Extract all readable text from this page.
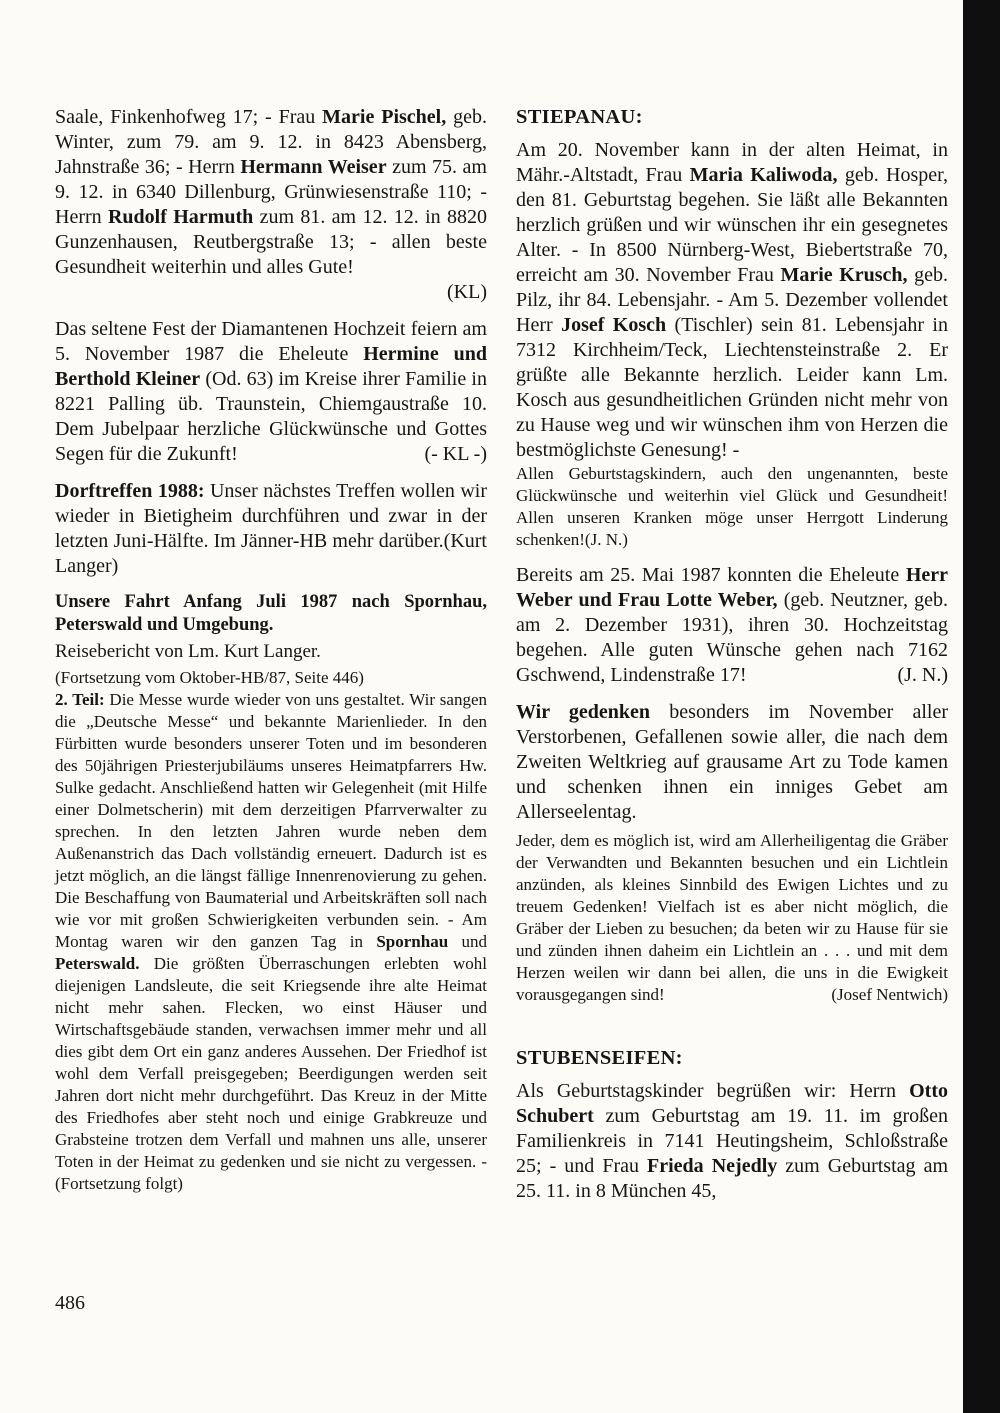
Saale, Finkenhofweg 17; - Frau Marie Pischel, geb. Winter, zum 79. am 9. 12. in 8423 Abensberg, Jahnstraße 36; - Herrn Hermann Weiser zum 75. am 9. 12. in 6340 Dillenburg, Grünwiesenstraße 110; - Herrn Rudolf Harmuth zum 81. am 12. 12. in 8820 Gunzenhausen, Reutbergstraße 13; - allen beste Gesundheit weiterhin und alles Gute!

(KL)

Das seltene Fest der Diamantenen Hochzeit feiern am 5. November 1987 die Eheleute Hermine und Berthold Kleiner (Od. 63) im Kreise ihrer Familie in 8221 Palling üb. Traunstein, Chiemgaustraße 10. Dem Jubelpaar herzliche Glückwünsche und Gottes Segen für die Zukunft!	(- KL -)

Dorftreffen 1988: Unser nächstes Treffen wollen wir wieder in Bietigheim durchführen und zwar in der letzten Juni-Hälfte. Im Jänner-HB mehr darüber.(Kurt Langer)

Unsere Fahrt Anfang Juli 1987 nach Spornhau, Peterswald und Umgebung.

Reisebericht von Lm. Kurt Langer.

(Fortsetzung vom Oktober-HB/87, Seite 446)

2. Teil: Die Messe wurde wieder von uns gestaltet. Wir sangen die „Deutsche Messe“ und bekannte Marienlieder. In den Fürbitten wurde besonders unserer Toten und im besonderen des 50jährigen Priesterjubiläums unseres Heimatpfarrers Hw. Sulke gedacht. Anschließend hatten wir Gelegenheit (mit Hilfe einer Dolmetscherin) mit dem derzeitigen Pfarrverwalter zu sprechen. In den letzten Jahren wurde neben dem Außenanstrich das Dach vollständig erneuert. Dadurch ist es jetzt möglich, an die längst fällige Innenrenovierung zu gehen. Die Beschaffung von Baumaterial und Arbeitskräften soll nach wie vor mit großen Schwierigkeiten verbunden sein. - Am Montag waren wir den ganzen Tag in Spornhau und Peterswald. Die größten Überraschungen erlebten wohl diejenigen Landsleute, die seit Kriegsende ihre alte Heimat nicht mehr sahen. Flecken, wo einst Häuser und Wirtschaftsgebäude standen, verwachsen immer mehr und all dies gibt dem Ort ein ganz anderes Aussehen. Der Friedhof ist wohl dem Verfall preisgegeben; Beerdigungen werden seit Jahren dort nicht mehr durchgeführt. Das Kreuz in der Mitte des Friedhofes aber steht noch und einige Grabkreuze und Grabsteine trotzen dem Verfall und mahnen uns alle, unserer Toten in der Heimat zu gedenken und sie nicht zu vergessen. - (Fortsetzung folgt)

STIEPANAU:

Am 20. November kann in der alten Heimat, in Mähr.-Altstadt, Frau Maria Kaliwoda, geb. Hosper, den 81. Geburtstag begehen. Sie läßt alle Bekannten herzlich grüßen und wir wünschen ihr ein gesegnetes Alter. - In 8500 Nürnberg-West, Biebertstraße 70, erreicht am 30. November Frau Marie Krusch, geb. Pilz, ihr 84. Lebensjahr. - Am 5. Dezember vollendet Herr Josef Kosch (Tischler) sein 81. Lebensjahr in 7312 Kirchheim/Teck, Liechtensteinstraße 2. Er grüßte alle Bekannte herzlich. Leider kann Lm. Kosch aus gesundheitlichen Gründen nicht mehr von zu Hause weg und wir wünschen ihm von Herzen die bestmöglichste Genesung! -

Allen Geburtstagskindern, auch den ungenannten, beste Glückwünsche und weiterhin viel Glück und Gesundheit! Allen unseren Kranken möge unser Herrgott Linderung schenken!(J. N.)

Bereits am 25. Mai 1987 konnten die Eheleute Herr Weber und Frau Lotte Weber, (geb. Neutzner, geb. am 2. Dezember 1931), ihren 30. Hochzeitstag begehen. Alle guten Wünsche gehen nach 7162 Gschwend, Lindenstraße 17!	(J. N.)

Wir gedenken besonders im November aller Verstorbenen, Gefallenen sowie aller, die nach dem Zweiten Weltkrieg auf grausame Art zu Tode kamen und schenken ihnen ein inniges Gebet am Allerseelentag.

Jeder, dem es möglich ist, wird am Allerheiligentag die Gräber der Verwandten und Bekannten besuchen und ein Lichtlein anzünden, als kleines Sinnbild des Ewigen Lichtes und zu treuem Gedenken! Vielfach ist es aber nicht möglich, die Gräber der Lieben zu besuchen; da beten wir zu Hause für sie und zünden ihnen daheim ein Lichtlein an . . . und mit dem Herzen weilen wir dann bei allen, die uns in die Ewigkeit vorausgegangen sind!	(Josef Nentwich)

STUBENSEIFEN:

Als Geburtstagskinder begrüßen wir: Herrn Otto Schubert zum Geburtstag am 19. 11. im großen Familienkreis in 7141 Heutingsheim, Schloßstraße 25; - und Frau Frieda Nejedly zum Geburtstag am 25. 11. in 8 München 45,

486
